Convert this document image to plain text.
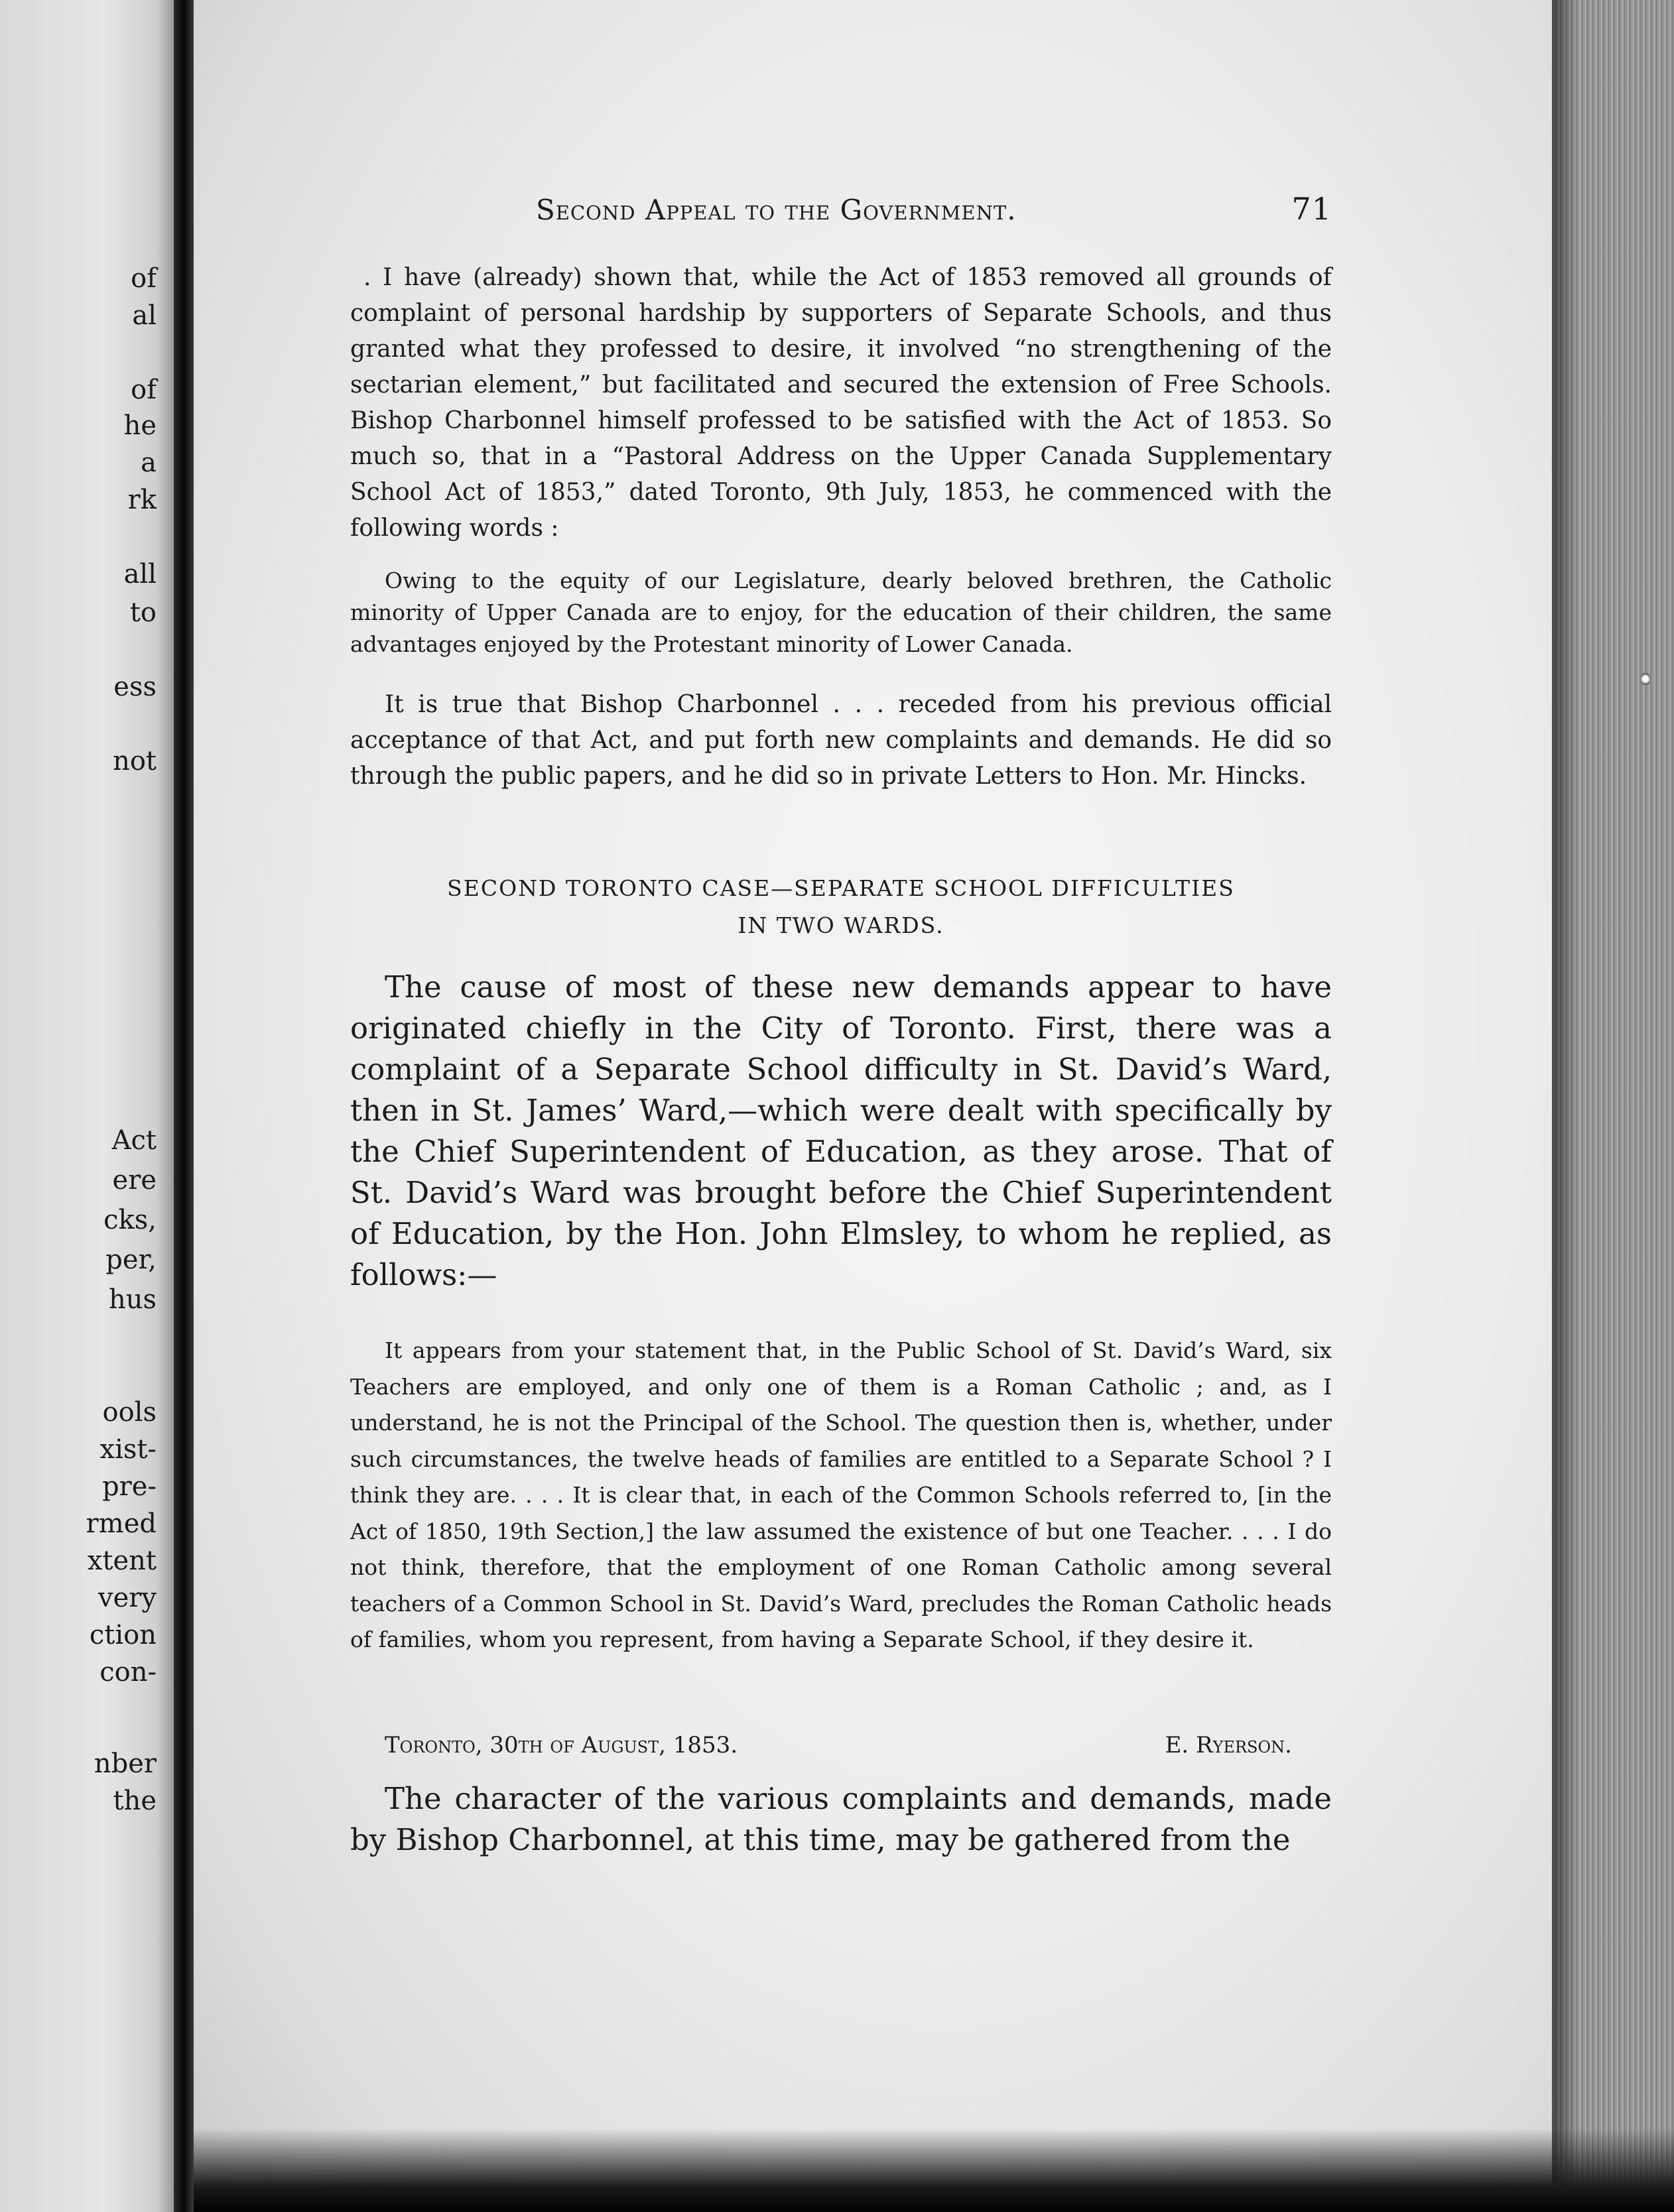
of
al
of
he
a
rk
all
to
ess
not
Act
ere
cks,
per,
hus
ools
xist-
pre-
rmed
xtent
very
ction
con-
nber
the
Second Appeal to the Government.	71

. I have (already) shown that, while the Act of 1853 removed all grounds of complaint of personal hardship by supporters of Separate Schools, and thus granted what they professed to desire, it involved “no strengthening of the sectarian element,” but facilitated and secured the extension of Free Schools. Bishop Charbonnel himself professed to be satisfied with the Act of 1853. So much so, that in a “Pastoral Address on the Upper Canada Supplementary School Act of 1853,” dated Toronto, 9th July, 1853, he commenced with the following words :

Owing to the equity of our Legislature, dearly beloved brethren, the Catholic minority of Upper Canada are to enjoy, for the education of their children, the same advantages enjoyed by the Protestant minority of Lower Canada.

It is true that Bishop Charbonnel . . . receded from his previous official acceptance of that Act, and put forth new complaints and demands. He did so through the public papers, and he did so in private Letters to Hon. Mr. Hincks.

SECOND TORONTO CASE—SEPARATE SCHOOL DIFFICULTIES
IN TWO WARDS.

The cause of most of these new demands appear to have originated chiefly in the City of Toronto. First, there was a complaint of a Separate School difficulty in St. David’s Ward, then in St. James’ Ward,—which were dealt with specifically by the Chief Superintendent of Education, as they arose. That of St. David’s Ward was brought before the Chief Superintendent of Education, by the Hon. John Elmsley, to whom he replied, as follows:—

It appears from your statement that, in the Public School of St. David’s Ward, six Teachers are employed, and only one of them is a Roman Catholic ; and, as I understand, he is not the Principal of the School. The question then is, whether, under such circumstances, the twelve heads of families are entitled to a Separate School ? I think they are. . . . It is clear that, in each of the Common Schools referred to, [in the Act of 1850, 19th Section,] the law assumed the existence of but one Teacher. . . . I do not think, therefore, that the employment of one Roman Catholic among several teachers of a Common School in St. David’s Ward, precludes the Roman Catholic heads of families, whom you represent, from having a Separate School, if they desire it.

Toronto, 30th of August, 1853.	E. Ryerson.

The character of the various complaints and demands, made by Bishop Charbonnel, at this time, may be gathered from the
